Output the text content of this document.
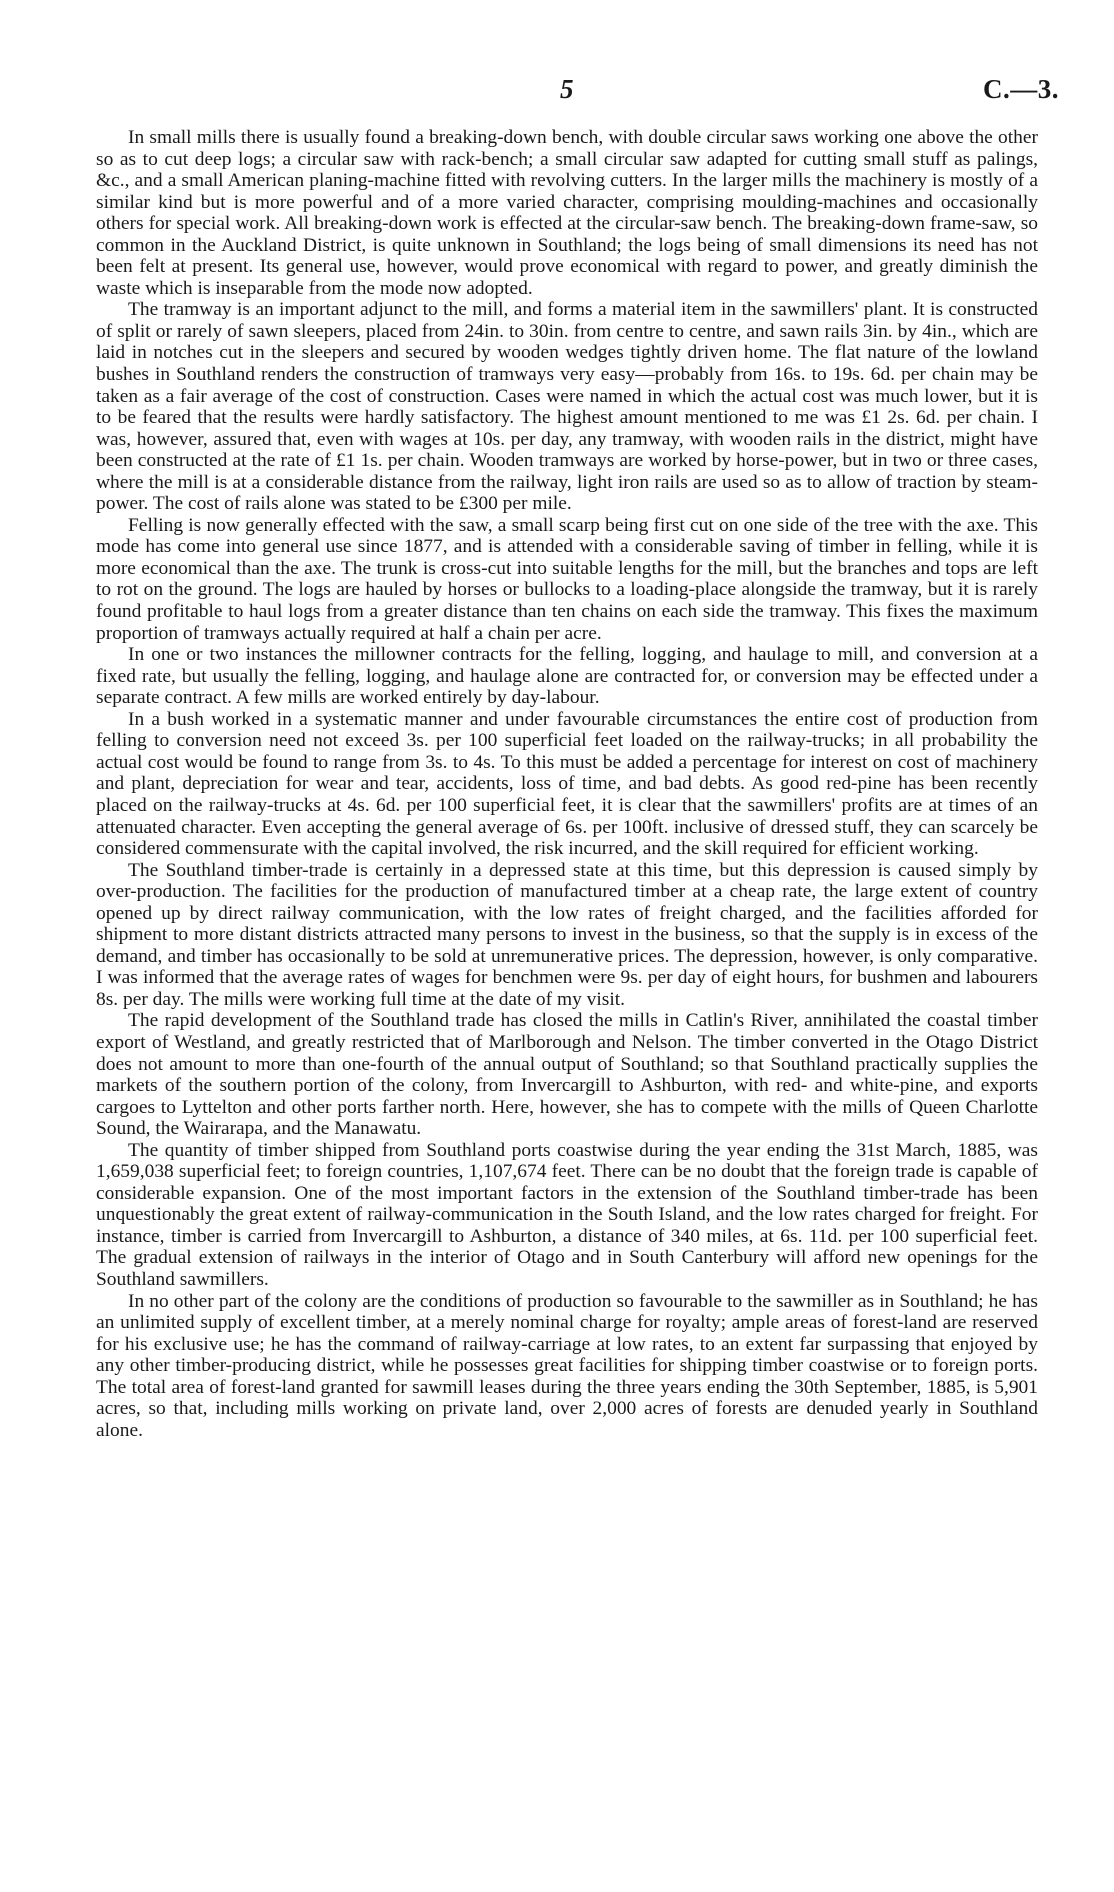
5	C.—3.

In small mills there is usually found a breaking-down bench, with double circular saws working one above the other so as to cut deep logs; a circular saw with rack-bench; a small circular saw adapted for cutting small stuff as palings, &c., and a small American planing-machine fitted with revolving cutters. In the larger mills the machinery is mostly of a similar kind but is more powerful and of a more varied character, comprising moulding-machines and occasionally others for special work. All breaking-down work is effected at the circular-saw bench. The breaking-down frame-saw, so common in the Auckland District, is quite unknown in Southland; the logs being of small dimensions its need has not been felt at present. Its general use, however, would prove economical with regard to power, and greatly diminish the waste which is inseparable from the mode now adopted.

The tramway is an important adjunct to the mill, and forms a material item in the sawmillers' plant. It is constructed of split or rarely of sawn sleepers, placed from 24in. to 30in. from centre to centre, and sawn rails 3in. by 4in., which are laid in notches cut in the sleepers and secured by wooden wedges tightly driven home. The flat nature of the lowland bushes in Southland renders the construction of tramways very easy—probably from 16s. to 19s. 6d. per chain may be taken as a fair average of the cost of construction. Cases were named in which the actual cost was much lower, but it is to be feared that the results were hardly satisfactory. The highest amount mentioned to me was £1 2s. 6d. per chain. I was, however, assured that, even with wages at 10s. per day, any tramway, with wooden rails in the district, might have been constructed at the rate of £1 1s. per chain. Wooden tramways are worked by horse-power, but in two or three cases, where the mill is at a considerable distance from the railway, light iron rails are used so as to allow of traction by steam-power. The cost of rails alone was stated to be £300 per mile.

Felling is now generally effected with the saw, a small scarp being first cut on one side of the tree with the axe. This mode has come into general use since 1877, and is attended with a considerable saving of timber in felling, while it is more economical than the axe. The trunk is cross-cut into suitable lengths for the mill, but the branches and tops are left to rot on the ground. The logs are hauled by horses or bullocks to a loading-place alongside the tramway, but it is rarely found profitable to haul logs from a greater distance than ten chains on each side the tramway. This fixes the maximum proportion of tramways actually required at half a chain per acre.

In one or two instances the millowner contracts for the felling, logging, and haulage to mill, and conversion at a fixed rate, but usually the felling, logging, and haulage alone are contracted for, or conversion may be effected under a separate contract. A few mills are worked entirely by day-labour.

In a bush worked in a systematic manner and under favourable circumstances the entire cost of production from felling to conversion need not exceed 3s. per 100 superficial feet loaded on the railway-trucks; in all probability the actual cost would be found to range from 3s. to 4s. To this must be added a percentage for interest on cost of machinery and plant, depreciation for wear and tear, accidents, loss of time, and bad debts. As good red-pine has been recently placed on the railway-trucks at 4s. 6d. per 100 superficial feet, it is clear that the sawmillers' profits are at times of an attenuated character. Even accepting the general average of 6s. per 100ft. inclusive of dressed stuff, they can scarcely be considered commensurate with the capital involved, the risk incurred, and the skill required for efficient working.

The Southland timber-trade is certainly in a depressed state at this time, but this depression is caused simply by over-production. The facilities for the production of manufactured timber at a cheap rate, the large extent of country opened up by direct railway communication, with the low rates of freight charged, and the facilities afforded for shipment to more distant districts attracted many persons to invest in the business, so that the supply is in excess of the demand, and timber has occasionally to be sold at unremunerative prices. The depression, however, is only comparative. I was informed that the average rates of wages for benchmen were 9s. per day of eight hours, for bushmen and labourers 8s. per day. The mills were working full time at the date of my visit.

The rapid development of the Southland trade has closed the mills in Catlin's River, annihilated the coastal timber export of Westland, and greatly restricted that of Marlborough and Nelson. The timber converted in the Otago District does not amount to more than one-fourth of the annual output of Southland; so that Southland practically supplies the markets of the southern portion of the colony, from Invercargill to Ashburton, with red- and white-pine, and exports cargoes to Lyttelton and other ports farther north. Here, however, she has to compete with the mills of Queen Charlotte Sound, the Wairarapa, and the Manawatu.

The quantity of timber shipped from Southland ports coastwise during the year ending the 31st March, 1885, was 1,659,038 superficial feet; to foreign countries, 1,107,674 feet. There can be no doubt that the foreign trade is capable of considerable expansion. One of the most important factors in the extension of the Southland timber-trade has been unquestionably the great extent of railway-communication in the South Island, and the low rates charged for freight. For instance, timber is carried from Invercargill to Ashburton, a distance of 340 miles, at 6s. 11d. per 100 superficial feet. The gradual extension of railways in the interior of Otago and in South Canterbury will afford new openings for the Southland sawmillers.

In no other part of the colony are the conditions of production so favourable to the sawmiller as in Southland; he has an unlimited supply of excellent timber, at a merely nominal charge for royalty; ample areas of forest-land are reserved for his exclusive use; he has the command of railway-carriage at low rates, to an extent far surpassing that enjoyed by any other timber-producing district, while he possesses great facilities for shipping timber coastwise or to foreign ports. The total area of forest-land granted for sawmill leases during the three years ending the 30th September, 1885, is 5,901 acres, so that, including mills working on private land, over 2,000 acres of forests are denuded yearly in Southland alone.
